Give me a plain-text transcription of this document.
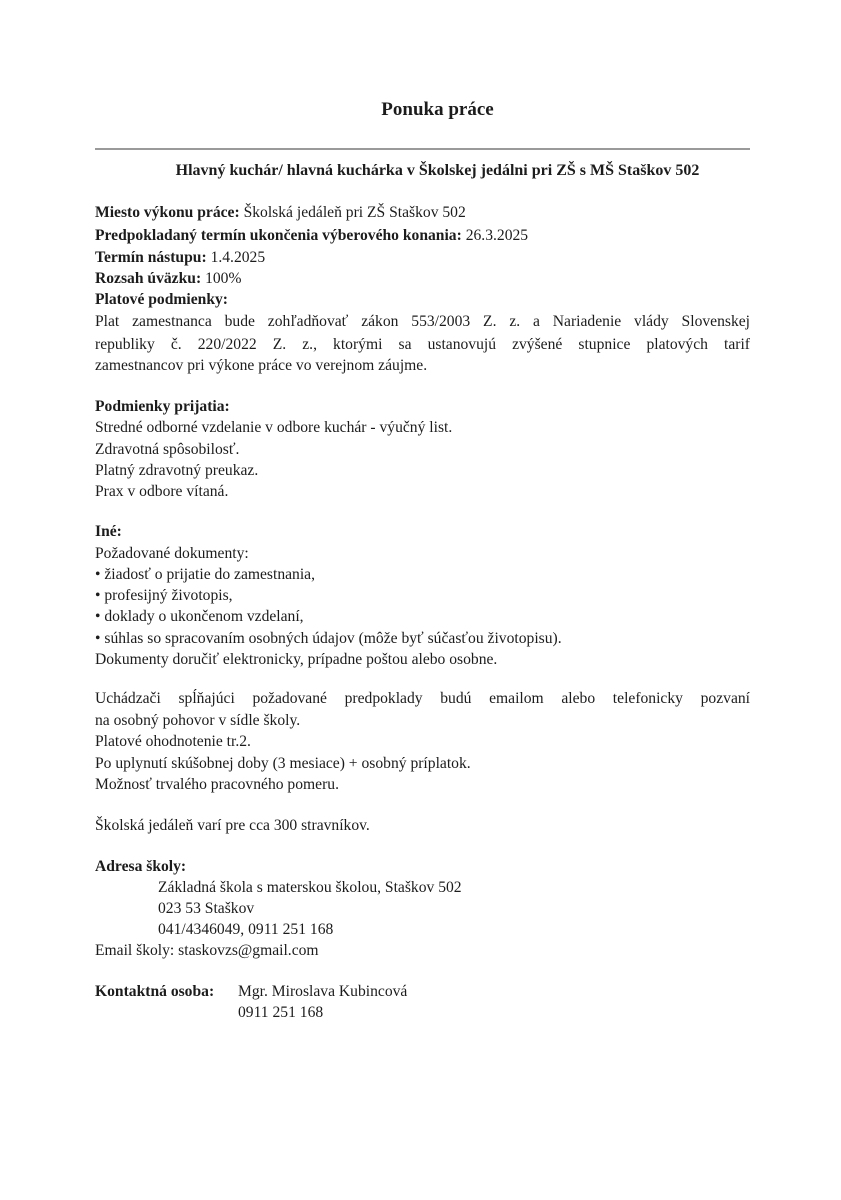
Ponuka práce
Hlavný kuchár/ hlavná kuchárka v Školskej jedálni pri ZŠ s MŠ Staškov 502
Miesto výkonu práce: Školská jedáleň pri ZŠ Staškov 502
Predpokladaný termín ukončenia výberového konania: 26.3.2025
Termín nástupu: 1.4.2025
Rozsah úväzku: 100%
Platové podmienky:
Plat zamestnanca bude zohľadňovať zákon 553/2003 Z. z. a Nariadenie vlády Slovenskej
republiky č. 220/2022 Z. z., ktorými sa ustanovujú zvýšené stupnice platových tarif
zamestnancov pri výkone práce vo verejnom záujme.
Podmienky prijatia:
Stredné odborné vzdelanie v odbore kuchár - výučný list.
Zdravotná spôsobilosť.
Platný zdravotný preukaz.
Prax v odbore vítaná.
Iné:
Požadované dokumenty:
• žiadosť o prijatie do zamestnania,
• profesijný životopis,
• doklady o ukončenom vzdelaní,
• súhlas so spracovaním osobných údajov (môže byť súčasťou životopisu).
Dokumenty doručiť elektronicky, prípadne poštou alebo osobne.
Uchádzači spĺňajúci požadované predpoklady budú emailom alebo telefonicky pozvaní
na osobný pohovor v sídle školy.
Platové ohodnotenie tr.2.
Po uplynutí skúšobnej doby (3 mesiace) + osobný príplatok.
Možnosť trvalého pracovného pomeru.
Školská jedáleň varí pre cca 300 stravníkov.
Adresa školy:
Základná škola s materskou školou, Staškov 502
023 53 Staškov
041/4346049, 0911 251 168
Email školy: staskovzs@gmail.com
Kontaktná osoba: Mgr. Miroslava Kubincová
0911 251 168
